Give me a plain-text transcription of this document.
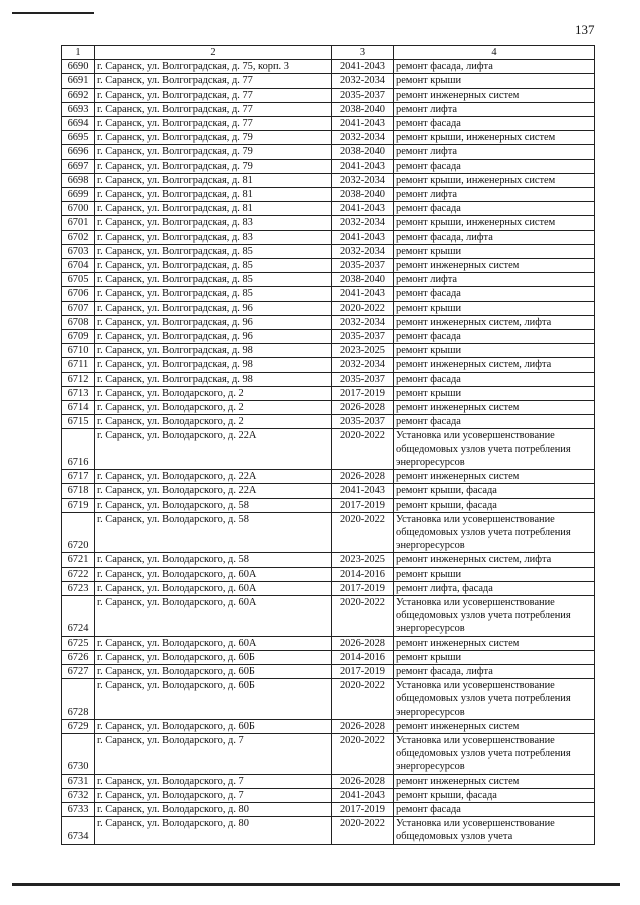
137
1	2	3	4
6690	г. Саранск, ул. Волгоградская, д. 75, корп. 3	2041-2043	ремонт фасада, лифта
6691	г. Саранск, ул. Волгоградская, д. 77	2032-2034	ремонт крыши
6692	г. Саранск, ул. Волгоградская, д. 77	2035-2037	ремонт инженерных систем
6693	г. Саранск, ул. Волгоградская, д. 77	2038-2040	ремонт лифта
6694	г. Саранск, ул. Волгоградская, д. 77	2041-2043	ремонт фасада
6695	г. Саранск, ул. Волгоградская, д. 79	2032-2034	ремонт крыши, инженерных систем
6696	г. Саранск, ул. Волгоградская, д. 79	2038-2040	ремонт лифта
6697	г. Саранск, ул. Волгоградская, д. 79	2041-2043	ремонт фасада
6698	г. Саранск, ул. Волгоградская, д. 81	2032-2034	ремонт крыши, инженерных систем
6699	г. Саранск, ул. Волгоградская, д. 81	2038-2040	ремонт лифта
6700	г. Саранск, ул. Волгоградская, д. 81	2041-2043	ремонт фасада
6701	г. Саранск, ул. Волгоградская, д. 83	2032-2034	ремонт крыши, инженерных систем
6702	г. Саранск, ул. Волгоградская, д. 83	2041-2043	ремонт фасада, лифта
6703	г. Саранск, ул. Волгоградская, д. 85	2032-2034	ремонт крыши
6704	г. Саранск, ул. Волгоградская, д. 85	2035-2037	ремонт инженерных систем
6705	г. Саранск, ул. Волгоградская, д. 85	2038-2040	ремонт лифта
6706	г. Саранск, ул. Волгоградская, д. 85	2041-2043	ремонт фасада
6707	г. Саранск, ул. Волгоградская, д. 96	2020-2022	ремонт крыши
6708	г. Саранск, ул. Волгоградская, д. 96	2032-2034	ремонт инженерных систем, лифта
6709	г. Саранск, ул. Волгоградская, д. 96	2035-2037	ремонт фасада
6710	г. Саранск, ул. Волгоградская, д. 98	2023-2025	ремонт крыши
6711	г. Саранск, ул. Волгоградская, д. 98	2032-2034	ремонт инженерных систем, лифта
6712	г. Саранск, ул. Волгоградская, д. 98	2035-2037	ремонт фасада
6713	г. Саранск, ул. Володарского, д. 2	2017-2019	ремонт крыши
6714	г. Саранск, ул. Володарского, д. 2	2026-2028	ремонт инженерных систем
6715	г. Саранск, ул. Володарского, д. 2	2035-2037	ремонт фасада
6716	г. Саранск, ул. Володарского, д. 22А	2020-2022	Установка или усовершенствование общедомовых узлов учета потребления энергоресурсов
6717	г. Саранск, ул. Володарского, д. 22А	2026-2028	ремонт инженерных систем
6718	г. Саранск, ул. Володарского, д. 22А	2041-2043	ремонт крыши, фасада
6719	г. Саранск, ул. Володарского, д. 58	2017-2019	ремонт крыши, фасада
6720	г. Саранск, ул. Володарского, д. 58	2020-2022	Установка или усовершенствование общедомовых узлов учета потребления энергоресурсов
6721	г. Саранск, ул. Володарского, д. 58	2023-2025	ремонт инженерных систем, лифта
6722	г. Саранск, ул. Володарского, д. 60А	2014-2016	ремонт крыши
6723	г. Саранск, ул. Володарского, д. 60А	2017-2019	ремонт лифта, фасада
6724	г. Саранск, ул. Володарского, д. 60А	2020-2022	Установка или усовершенствование общедомовых узлов учета потребления энергоресурсов
6725	г. Саранск, ул. Володарского, д. 60А	2026-2028	ремонт инженерных систем
6726	г. Саранск, ул. Володарского, д. 60Б	2014-2016	ремонт крыши
6727	г. Саранск, ул. Володарского, д. 60Б	2017-2019	ремонт фасада, лифта
6728	г. Саранск, ул. Володарского, д. 60Б	2020-2022	Установка или усовершенствование общедомовых узлов учета потребления энергоресурсов
6729	г. Саранск, ул. Володарского, д. 60Б	2026-2028	ремонт инженерных систем
6730	г. Саранск, ул. Володарского, д. 7	2020-2022	Установка или усовершенствование общедомовых узлов учета потребления энергоресурсов
6731	г. Саранск, ул. Володарского, д. 7	2026-2028	ремонт инженерных систем
6732	г. Саранск, ул. Володарского, д. 7	2041-2043	ремонт крыши, фасада
6733	г. Саранск, ул. Володарского, д. 80	2017-2019	ремонт фасада
6734	г. Саранск, ул. Володарского, д. 80	2020-2022	Установка или усовершенствование общедомовых узлов учета
